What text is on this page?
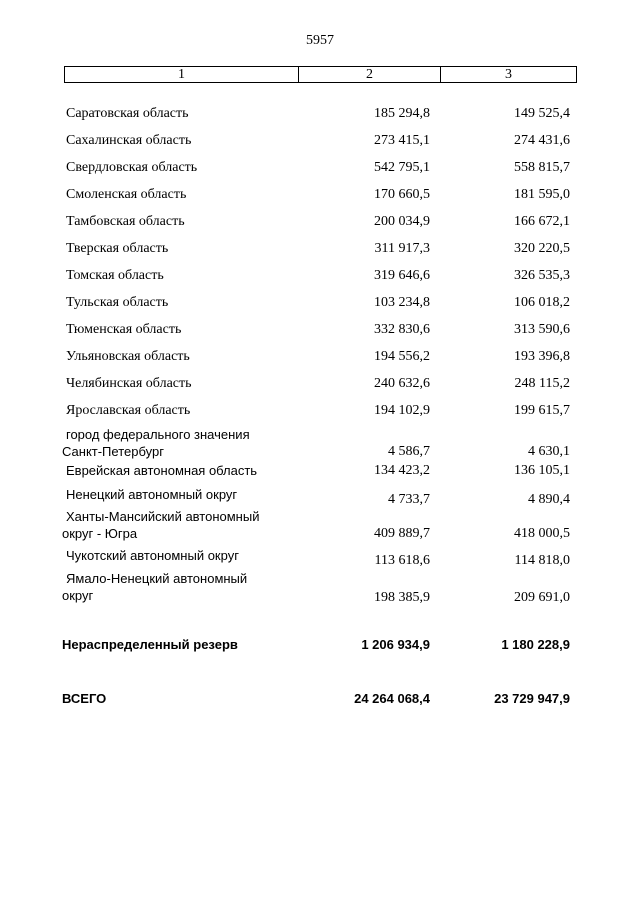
5957
1	2	3
Саратовская область	185 294,8	149 525,4
Сахалинская область	273 415,1	274 431,6
Свердловская область	542 795,1	558 815,7
Смоленская область	170 660,5	181 595,0
Тамбовская область	200 034,9	166 672,1
Тверская область	311 917,3	320 220,5
Томская область	319 646,6	326 535,3
Тульская область	103 234,8	106 018,2
Тюменская область	332 830,6	313 590,6
Ульяновская область	194 556,2	193 396,8
Челябинская область	240 632,6	248 115,2
Ярославская область	194 102,9	199 615,7
город федерального значения
Санкт-Петербург	4 586,7	4 630,1
Еврейская автономная область	134 423,2	136 105,1
Ненецкий автономный округ	4 733,7	4 890,4
Ханты-Мансийский автономный
округ - Югра	409 889,7	418 000,5
Чукотский автономный округ	113 618,6	114 818,0
Ямало-Ненецкий автономный
округ	198 385,9	209 691,0
Нераспределенный резерв	1 206 934,9	1 180 228,9
ВСЕГО	24 264 068,4	23 729 947,9
